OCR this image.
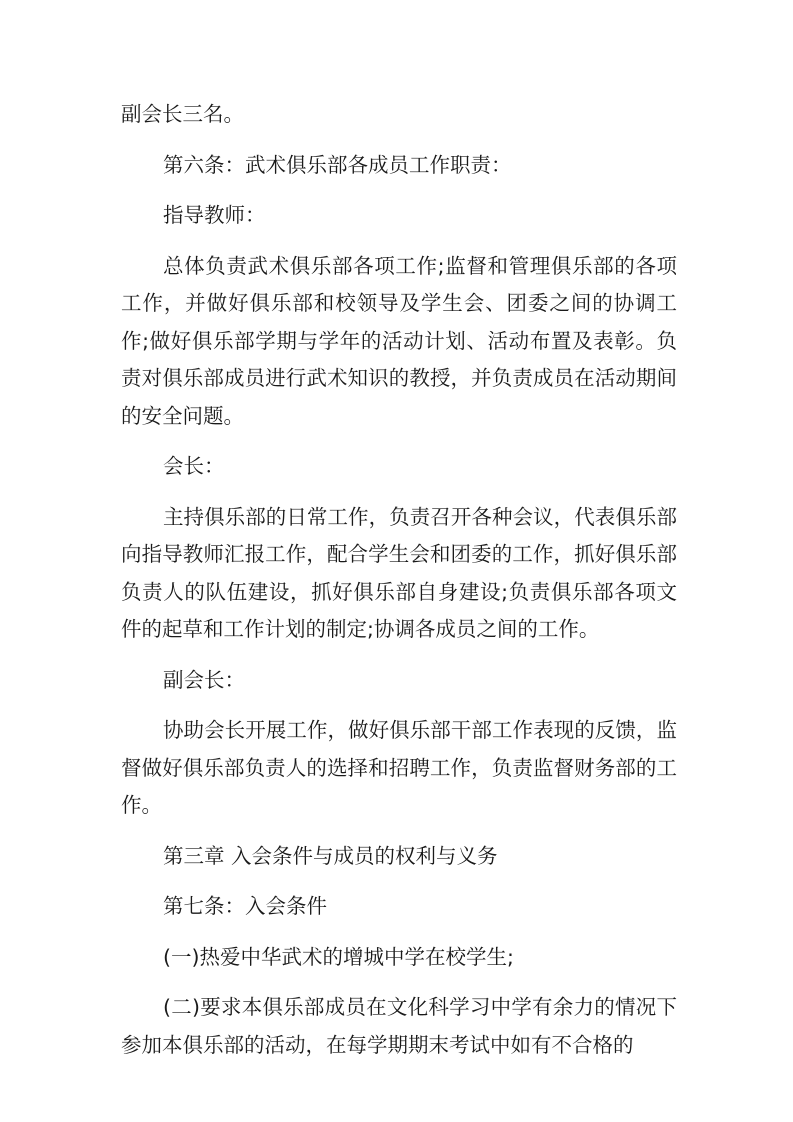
副会长三名。

第六条：武术俱乐部各成员工作职责：

指导教师：

总体负责武术俱乐部各项工作;监督和管理俱乐部的各项工作，并做好俱乐部和校领导及学生会、团委之间的协调工作;做好俱乐部学期与学年的活动计划、活动布置及表彰。负责对俱乐部成员进行武术知识的教授，并负责成员在活动期间的安全问题。

会长：

主持俱乐部的日常工作，负责召开各种会议，代表俱乐部向指导教师汇报工作，配合学生会和团委的工作，抓好俱乐部负责人的队伍建设，抓好俱乐部自身建设;负责俱乐部各项文件的起草和工作计划的制定;协调各成员之间的工作。

副会长：

协助会长开展工作，做好俱乐部干部工作表现的反馈，监督做好俱乐部负责人的选择和招聘工作，负责监督财务部的工作。

第三章 入会条件与成员的权利与义务

第七条：入会条件

(一)热爱中华武术的增城中学在校学生;

(二)要求本俱乐部成员在文化科学习中学有余力的情况下参加本俱乐部的活动，在每学期期末考试中如有不合格的
